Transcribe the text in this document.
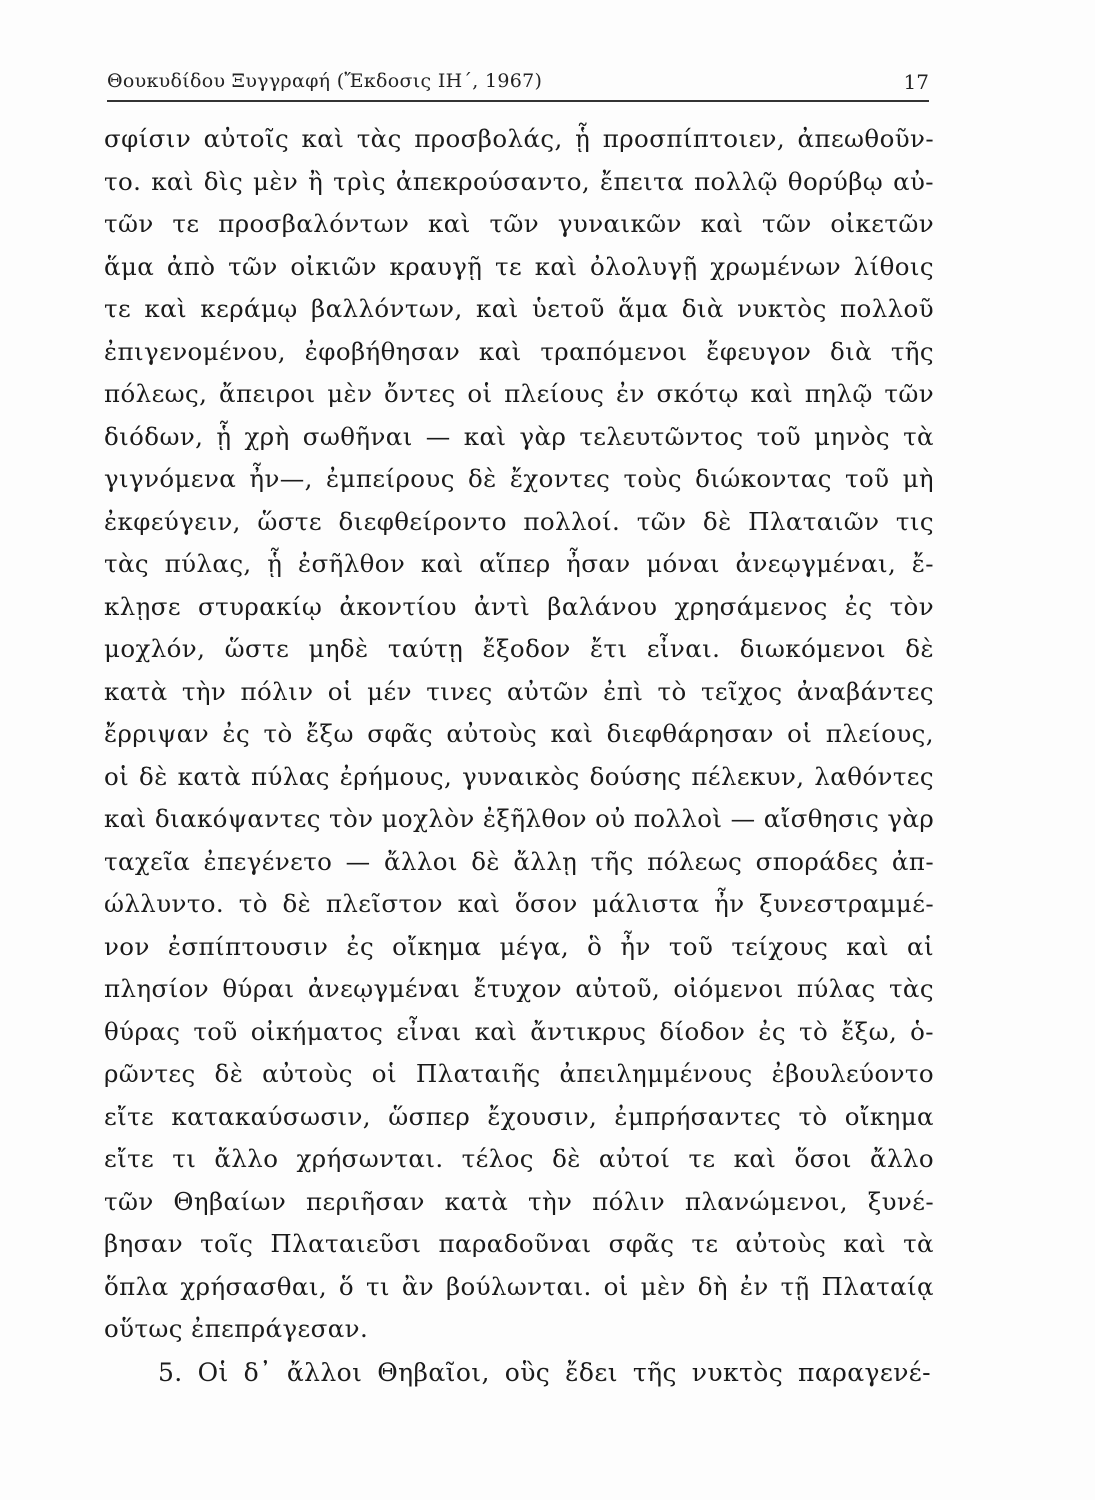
Θουκυδίδου Ξυγγραφή (Ἔκδοσις ΙΗ΄, 1967)	17
σφίσιν αὐτοῖς καὶ τὰς προσβολάς, ᾗ προσπίπτοιεν, ἀπεωθοῦν-
το. καὶ δὶς μὲν ἢ τρὶς ἀπεκρούσαντο, ἔπειτα πολλῷ θορύβῳ αὐ-
τῶν τε προσβαλόντων καὶ τῶν γυναικῶν καὶ τῶν οἰκετῶν
ἅμα ἀπὸ τῶν οἰκιῶν κραυγῇ τε καὶ ὀλολυγῇ χρωμένων λίθοις
τε καὶ κεράμῳ βαλλόντων, καὶ ὑετοῦ ἅμα διὰ νυκτὸς πολλοῦ
ἐπιγενομένου, ἐφοβήθησαν καὶ τραπόμενοι ἔφευγον διὰ τῆς
πόλεως, ἄπειροι μὲν ὄντες οἱ πλείους ἐν σκότῳ καὶ πηλῷ τῶν
διόδων, ᾗ χρὴ σωθῆναι — καὶ γὰρ τελευτῶντος τοῦ μηνὸς τὰ
γιγνόμενα ἦν—, ἐμπείρους δὲ ἔχοντες τοὺς διώκοντας τοῦ μὴ
ἐκφεύγειν, ὥστε διεφθείροντο πολλοί. τῶν δὲ Πλαταιῶν τις
τὰς πύλας, ᾗ ἐσῆλθον καὶ αἵπερ ἦσαν μόναι ἀνεῳγμέναι, ἔ-
κλῃσε στυρακίῳ ἀκοντίου ἀντὶ βαλάνου χρησάμενος ἐς τὸν
μοχλόν, ὥστε μηδὲ ταύτῃ ἔξοδον ἔτι εἶναι. διωκόμενοι δὲ
κατὰ τὴν πόλιν οἱ μέν τινες αὐτῶν ἐπὶ τὸ τεῖχος ἀναβάντες
ἔρριψαν ἐς τὸ ἔξω σφᾶς αὐτοὺς καὶ διεφθάρησαν οἱ πλείους,
οἱ δὲ κατὰ πύλας ἐρήμους, γυναικὸς δούσης πέλεκυν, λαθόντες
καὶ διακόψαντες τὸν μοχλὸν ἐξῆλθον οὐ πολλοὶ — αἴσθησις γὰρ
ταχεῖα ἐπεγένετο — ἄλλοι δὲ ἄλλῃ τῆς πόλεως σποράδες ἀπ-
ώλλυντο. τὸ δὲ πλεῖστον καὶ ὅσον μάλιστα ἦν ξυνεστραμμέ-
νον ἐσπίπτουσιν ἐς οἴκημα μέγα, ὃ ἦν τοῦ τείχους καὶ αἱ
πλησίον θύραι ἀνεῳγμέναι ἔτυχον αὐτοῦ, οἰόμενοι πύλας τὰς
θύρας τοῦ οἰκήματος εἶναι καὶ ἄντικρυς δίοδον ἐς τὸ ἔξω, ὁ-
ρῶντες δὲ αὐτοὺς οἱ Πλαταιῆς ἀπειλημμένους ἐβουλεύοντο
εἴτε κατακαύσωσιν, ὥσπερ ἔχουσιν, ἐμπρήσαντες τὸ οἴκημα
εἴτε τι ἄλλο χρήσωνται. τέλος δὲ αὐτοί τε καὶ ὅσοι ἄλλο
τῶν Θηβαίων περιῆσαν κατὰ τὴν πόλιν πλανώμενοι, ξυνέ-
βησαν τοῖς Πλαταιεῦσι παραδοῦναι σφᾶς τε αὐτοὺς καὶ τὰ
ὅπλα χρήσασθαι, ὅ τι ἂν βούλωνται. οἱ μὲν δὴ ἐν τῇ Πλαταίᾳ
οὕτως ἐπεπράγεσαν.
5. Οἱ δ᾽ ἄλλοι Θηβαῖοι, οὓς ἔδει τῆς νυκτὸς παραγενέ-
